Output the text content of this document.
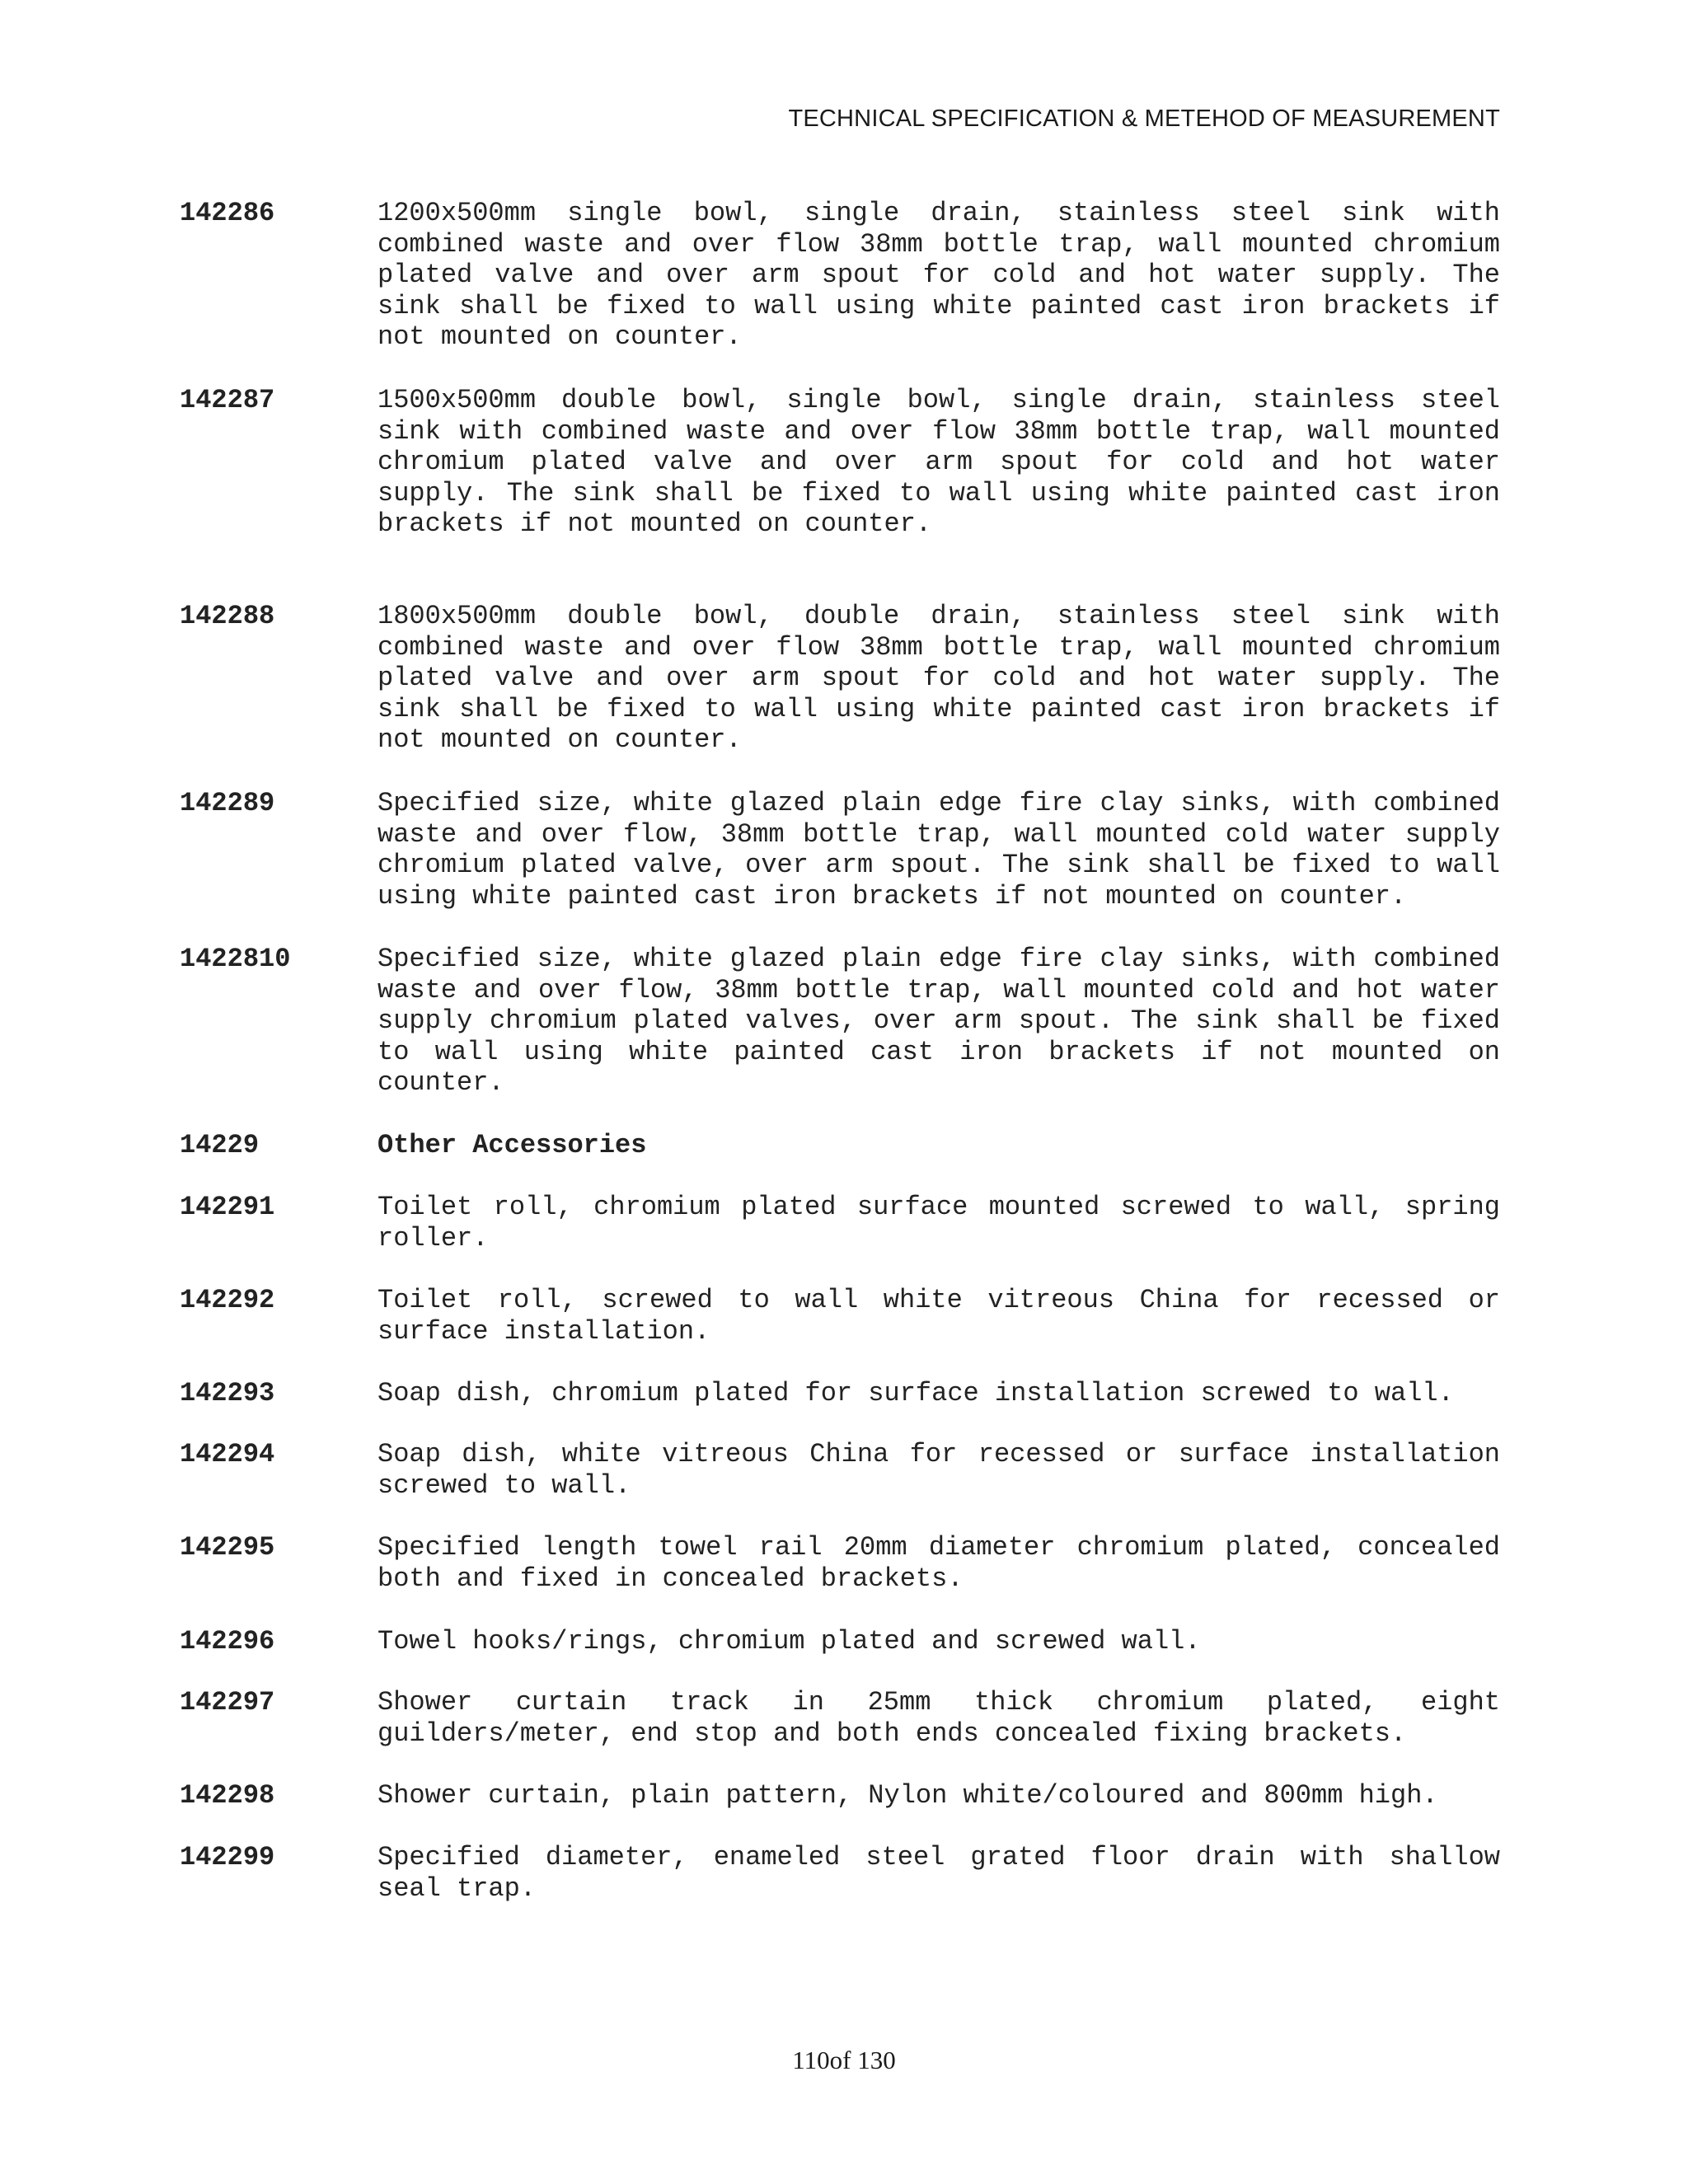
TECHNICAL SPECIFICATION & METEHOD OF MEASUREMENT
142286	1200x500mm single bowl, single drain, stainless steel sink with combined waste and over flow 38mm bottle trap, wall mounted chromium plated valve and over arm spout for cold and hot water supply. The sink shall be fixed to wall using white painted cast iron brackets if not mounted on counter.
142287	1500x500mm double bowl, single bowl, single drain, stainless steel sink with combined waste and over flow 38mm bottle trap, wall mounted chromium plated valve and over arm spout for cold and hot water supply. The sink shall be fixed to wall using white painted cast iron brackets if not mounted on counter.
142288	1800x500mm double bowl, double drain, stainless steel sink with combined waste and over flow 38mm bottle trap, wall mounted chromium plated valve and over arm spout for cold and hot water supply. The sink shall be fixed to wall using white painted cast iron brackets if not mounted on counter.
142289	Specified size, white glazed plain edge fire clay sinks, with combined waste and over flow, 38mm bottle trap, wall mounted cold water supply chromium plated valve, over arm spout. The sink shall be fixed to wall using white painted cast iron brackets if not mounted on counter.
1422810	Specified size, white glazed plain edge fire clay sinks, with combined waste and over flow, 38mm bottle trap, wall mounted cold and hot water supply chromium plated valves, over arm spout. The sink shall be fixed to wall using white painted cast iron brackets if not mounted on counter.
14229	Other Accessories
142291	Toilet roll, chromium plated surface mounted screwed to wall, spring roller.
142292	Toilet roll, screwed to wall white vitreous China for recessed or surface installation.
142293	Soap dish, chromium plated for surface installation screwed to wall.
142294	Soap dish, white vitreous China for recessed or surface installation screwed to wall.
142295	Specified length towel rail 20mm diameter chromium plated, concealed both and fixed in concealed brackets.
142296	Towel hooks/rings, chromium plated and screwed wall.
142297	Shower curtain track in 25mm thick chromium plated, eight guilders/meter, end stop and both ends concealed fixing brackets.
142298	Shower curtain, plain pattern, Nylon white/coloured and 800mm high.
142299	Specified diameter, enameled steel grated floor drain with shallow seal trap.
110of 130
